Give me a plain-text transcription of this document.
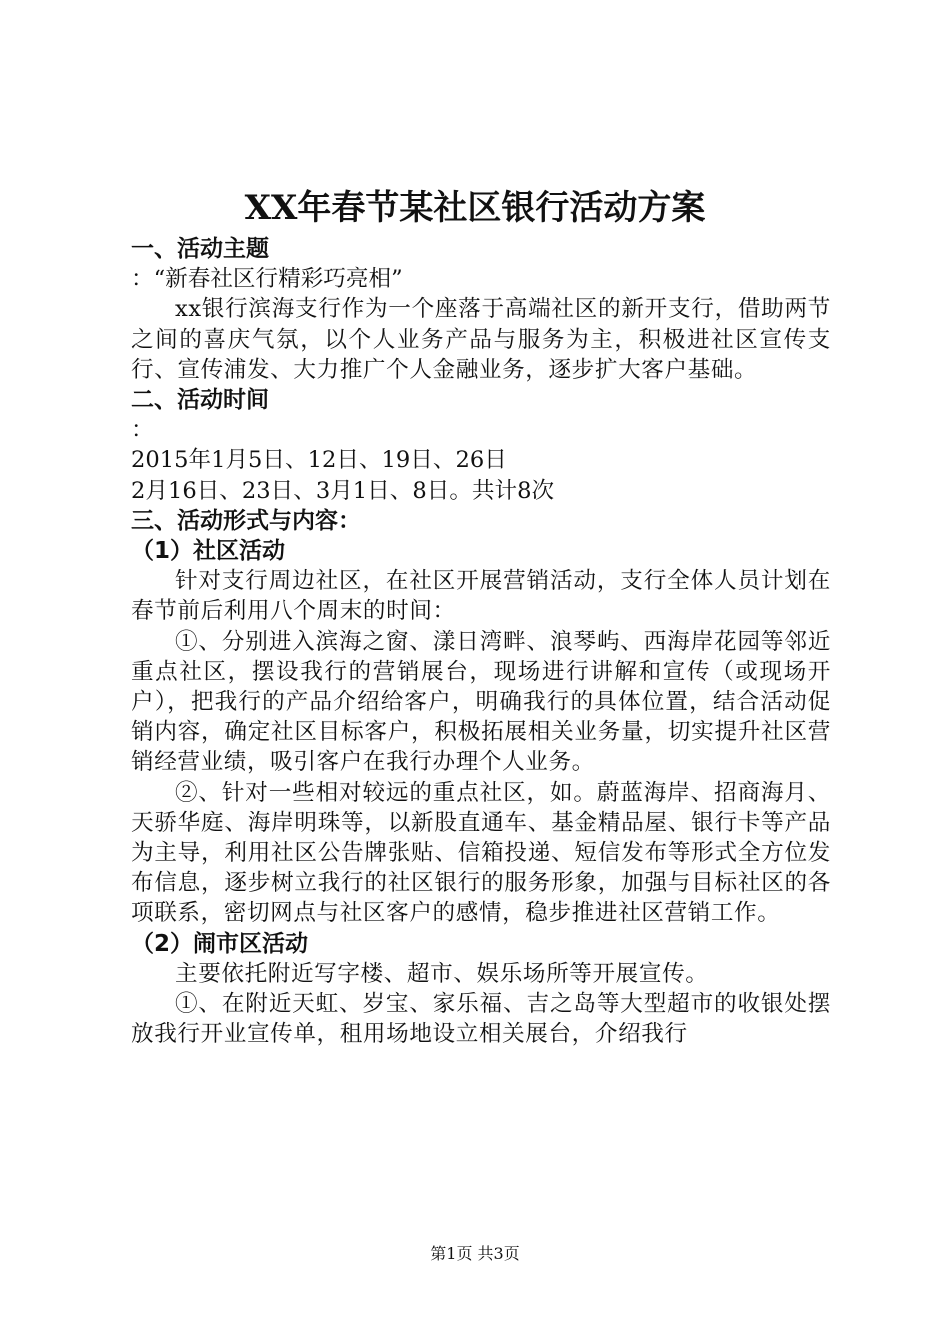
XX年春节某社区银行活动方案

一、活动主题

：“新春社区行精彩巧亮相”

xx银行滨海支行作为一个座落于高端社区的新开支行，借助两节之间的喜庆气氛，以个人业务产品与服务为主，积极进社区宣传支行、宣传浦发、大力推广个人金融业务，逐步扩大客户基础。

二、活动时间

：

2015年1月5日、12日、19日、26日

2月16日、23日、3月1日、8日。共计8次

三、活动形式与内容：

（1）社区活动

针对支行周边社区，在社区开展营销活动，支行全体人员计划在春节前后利用八个周末的时间：

①、分别进入滨海之窗、漾日湾畔、浪琴屿、西海岸花园等邻近重点社区，摆设我行的营销展台，现场进行讲解和宣传（或现场开户），把我行的产品介绍给客户，明确我行的具体位置，结合活动促销内容，确定社区目标客户，积极拓展相关业务量，切实提升社区营销经营业绩，吸引客户在我行办理个人业务。

②、针对一些相对较远的重点社区，如。蔚蓝海岸、招商海月、天骄华庭、海岸明珠等，以新股直通车、基金精品屋、银行卡等产品为主导，利用社区公告牌张贴、信箱投递、短信发布等形式全方位发布信息，逐步树立我行的社区银行的服务形象，加强与目标社区的各项联系，密切网点与社区客户的感情，稳步推进社区营销工作。

（2）闹市区活动

主要依托附近写字楼、超市、娱乐场所等开展宣传。

①、在附近天虹、岁宝、家乐福、吉之岛等大型超市的收银处摆放我行开业宣传单，租用场地设立相关展台，介绍我行

第1页 共3页
